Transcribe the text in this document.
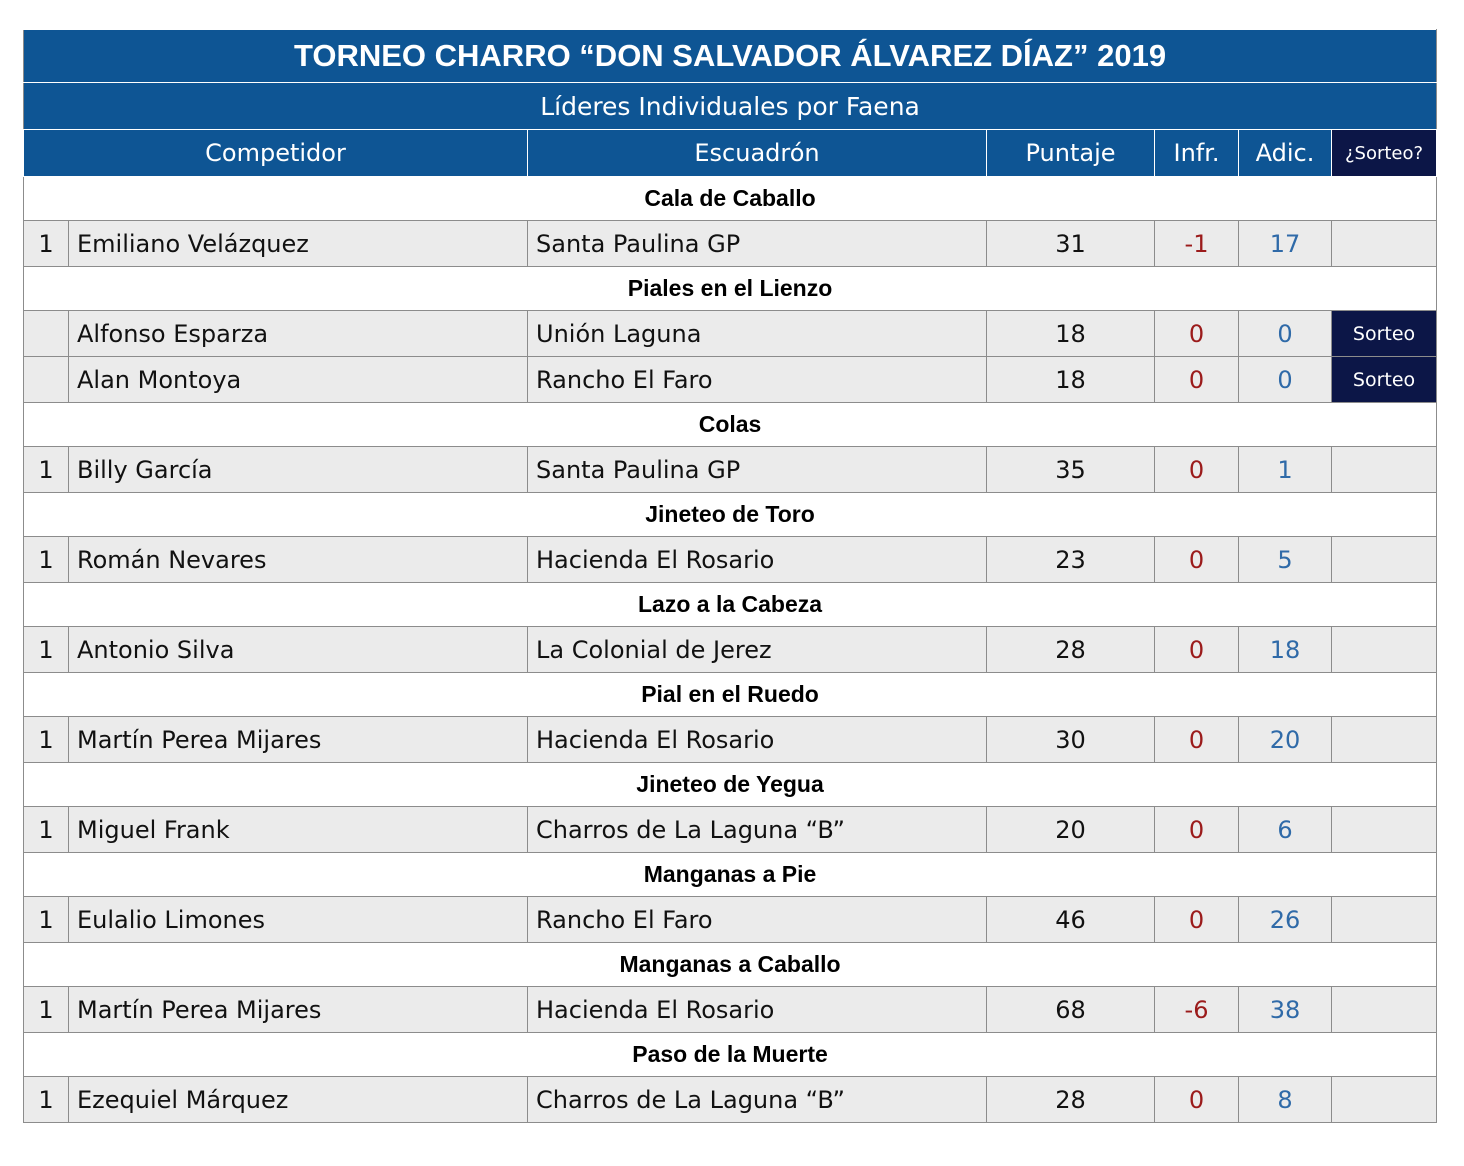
TORNEO CHARRO “DON SALVADOR ÁLVAREZ DÍAZ” 2019						
Líderes Individuales por Faena						
Competidor		Escuadrón	Puntaje	Infr.	Adic.	¿Sorteo?
Cala de Caballo						
1	Emiliano Velázquez	Santa Paulina GP	31	-1	17	
Piales en el Lienzo						
	Alfonso Esparza	Unión Laguna	18	0	0	Sorteo
	Alan Montoya	Rancho El Faro	18	0	0	Sorteo
Colas						
1	Billy García	Santa Paulina GP	35	0	1	
Jineteo de Toro						
1	Román Nevares	Hacienda El Rosario	23	0	5	
Lazo a la Cabeza						
1	Antonio Silva	La Colonial de Jerez	28	0	18	
Pial en el Ruedo						
1	Martín Perea Mijares	Hacienda El Rosario	30	0	20	
Jineteo de Yegua						
1	Miguel Frank	Charros de La Laguna “B”	20	0	6	
Manganas a Pie						
1	Eulalio Limones	Rancho El Faro	46	0	26	
Manganas a Caballo						
1	Martín Perea Mijares	Hacienda El Rosario	68	-6	38	
Paso de la Muerte						
1	Ezequiel Márquez	Charros de La Laguna “B”	28	0	8	
